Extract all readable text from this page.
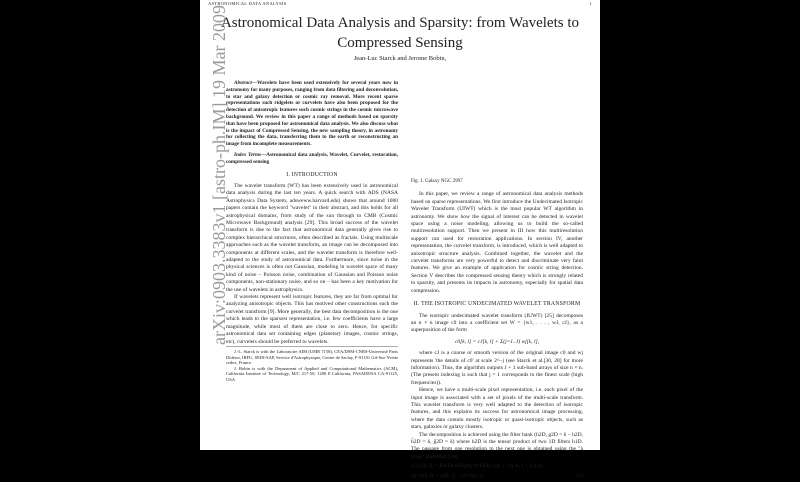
ASTRONOMICAL DATA ANALYSIS	1
Astronomical Data Analysis and Sparsity: from Wavelets to Compressed Sensing
Jean-Luc Starck and Jerome Bobin,

Abstract—Wavelets have been used extensively for several years now in astronomy for many purposes, ranging from data filtering and deconvolution, to star and galaxy detection or cosmic ray removal. More recent sparse representations such ridgelets or curvelets have also been proposed for the detection of anisotropic features such cosmic strings in the cosmic microwave background. We review in this paper a range of methods based on sparsity that have been proposed for astronomical data analysis. We also discuss what is the impact of Compressed Sensing, the new sampling theory, in astronomy for collecting the data, transferring them to the earth or reconstructing an image from incomplete measurements.

Index Terms—Astronomical data analysis, Wavelet, Curvelet, restoration, compressed sensing

I. INTRODUCTION

The wavelet transform (WT) has been extensively used in astronomical data analysis during the last ten years. A quick search with ADS (NASA Astrophysics Data System, adsweww.harvard.edu) shows that around 1000 papers contain the keyword "wavelet" in their abstract, and this holds for all astrophysical domains, from study of the sun through to CMB (Cosmic Microwave Background) analysis [29]. This broad success of the wavelet transform is due to the fact that astronomical data generally gives rise to complex hierarchical structures, often described as fractals. Using multiscale approaches such as the wavelet transform, an image can be decomposed into components at different scales, and the wavelet transform is therefore well-adapted to the study of astronomical data. Furthermore, since noise in the physical sciences is often not Gaussian, modeling in wavelet space of many kind of noise – Poisson noise, combination of Gaussian and Poisson noise components, non-stationary noise, and so on – has been a key motivation for the use of wavelets in astrophysics.

If wavelets represent well isotropic features, they are far from optimal for analyzing anisotropic objects. This has motived other constructions such the curvelet transform [9]. More generally, the best data decomposition is the one which leads to the sparsest representation, i.e. few coefficients have a large magnitude, while most of them are close to zero. Hence, for specific astronomical data set containing edges (planetary images, cosmic strings, etc), curvelets should be preferred to wavelets.

J.-L. Starck is with the Laboratoire AIM (UMR 7158), CEA/DSM-CNRS-Université Paris Diderot, IRFU, SEDI-SAP, Service d'Astrophysique, Centre de Saclay, F-91191 Gif-Sur-Yvette cedex, France.

J. Bobin is with the Department of Applied and Computational Mathematics (ACM), California Institute of Technology, M/C 217-50, 1200 E.California, PASADENA CA-91125, USA.

Fig. 1. Galaxy NGC 2997

In this paper, we review a range of astronomical data analysis methods based on sparse representations. We first introduce the Undecimated Isotropic Wavelet Transform (UIWT) which is the most popular WT algorithm in astronomy. We show how the signal of interest can be detected in wavelet space using a noise modeling, allowing us to build the so-called multiresolution support. Then we present in III how this multiresolution support can used for restoration applications. In section IV, another representation, the curvelet transform, is introduced, which is well adapted to anisotropic structure analysis. Combined together, the wavelet and the curvelet transforms are very powerful to detect and discriminate very faint features. We give an example of application for cosmic string detection. Section V describes the compressed sensing theory which is strongly related to sparsity, and presents its impacts in astronomy, especially for spatial data compression.

II. THE ISOTROPIC UNDECIMATED WAVELET TRANSFORM

The isotropic undecimated wavelet transform (IUWT) [25] decomposes an n × n image c0 into a coefficient set W = {w1, . . . , wJ, cJ}, as a superposition of the form

c0[k, l] = cJ[k, l] + Σ(j=1..J) wj[k, l],

where cJ is a coarse or smooth version of the original image c0 and wj represents 'the details of c0' at scale 2^−j (see Starck et al.[30, 28] for more information). Thus, the algorithm outputs J + 1 sub-band arrays of size n × n. (The present indexing is such that j = 1 corresponds to the finest scale (high frequencies)).

Hence, we have a multi-scale pixel representation, i.e. each pixel of the input image is associated with a set of pixels of the multi-scale transform. This wavelet transform is very well adapted to the detection of isotropic features, and this explains its success for astronomical image processing, where the data contain mostly isotropic or quasi-isotropic objects, such as stars, galaxies or galaxy clusters.

The decomposition is achieved using the filter bank (h2D, g2D = δ − h2D, h̃2D = δ, g̃2D = δ) where h2D is the tensor product of two 1D filters h1D. The passage from one resolution to the next one is obtained using the "à trous" algorithm [30]

cj+1[k, l] = Σm Σn h1D[m] h1D[n] cj[k + 2^j m, l + 2^j n],
wj+1[k, l] = cj[k, l] − cj+1[k, l],	(1)
arXiv:0903.3383v1 [astro-ph.IM] 19 Mar 2009
